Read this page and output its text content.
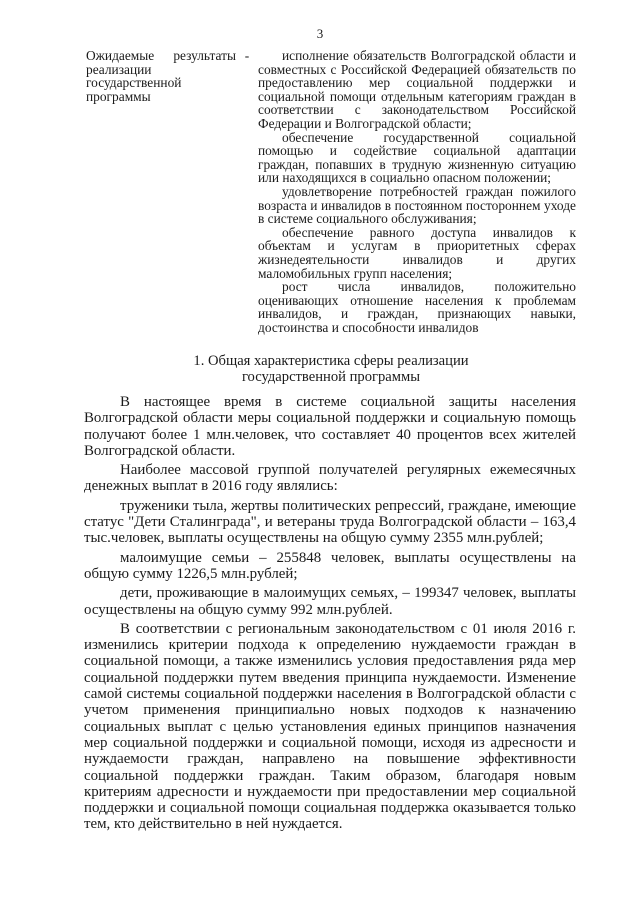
3
Ожидаемые результаты реализации государственной программы
-	исполнение обязательств Волгоградской области и совместных с Российской Федерацией обязательств по предоставлению мер социальной поддержки и социальной помощи отдельным категориям граждан в соответствии с законодательством Российской Федерации и Волгоградской области;

обеспечение государственной социальной помощью и содействие социальной адаптации граждан, попавших в трудную жизненную ситуацию или находящихся в социально опасном положении;

удовлетворение потребностей граждан пожилого возраста и инвалидов в постоянном постороннем уходе в системе социального обслуживания;

обеспечение равного доступа инвалидов к объектам и услугам в приоритетных сферах жизнедеятельности инвалидов и других маломобильных групп населения;

рост числа инвалидов, положительно оценивающих отношение населения к проблемам инвалидов, и граждан, признающих навыки, достоинства и способности инвалидов

1. Общая характеристика сферы реализации
государственной программы

В настоящее время в системе социальной защиты населения Волгоградской области меры социальной поддержки и социальную помощь получают более 1 млн.человек, что составляет 40 процентов всех жителей Волгоградской области.

Наиболее массовой группой получателей регулярных ежемесячных денежных выплат в 2016 году являлись:

труженики тыла, жертвы политических репрессий, граждане, имеющие статус "Дети Сталинграда", и ветераны труда Волгоградской области – 163,4 тыс.человек, выплаты осуществлены на общую сумму 2355 млн.рублей;

малоимущие семьи – 255848 человек, выплаты осуществлены на общую сумму 1226,5 млн.рублей;

дети, проживающие в малоимущих семьях, – 199347 человек, выплаты осуществлены на общую сумму 992 млн.рублей.

В соответствии с региональным законодательством с 01 июля 2016 г. изменились критерии подхода к определению нуждаемости граждан в социальной помощи, а также изменились условия предоставления ряда мер социальной поддержки путем введения принципа нуждаемости. Изменение самой системы социальной поддержки населения в Волгоградской области с учетом применения принципиально новых подходов к назначению социальных выплат с целью установления единых принципов назначения мер социальной поддержки и социальной помощи, исходя из адресности и нуждаемости граждан, направлено на повышение эффективности социальной поддержки граждан. Таким образом, благодаря новым критериям адресности и нуждаемости при предоставлении мер социальной поддержки и социальной помощи социальная поддержка оказывается только тем, кто действительно в ней нуждается.
